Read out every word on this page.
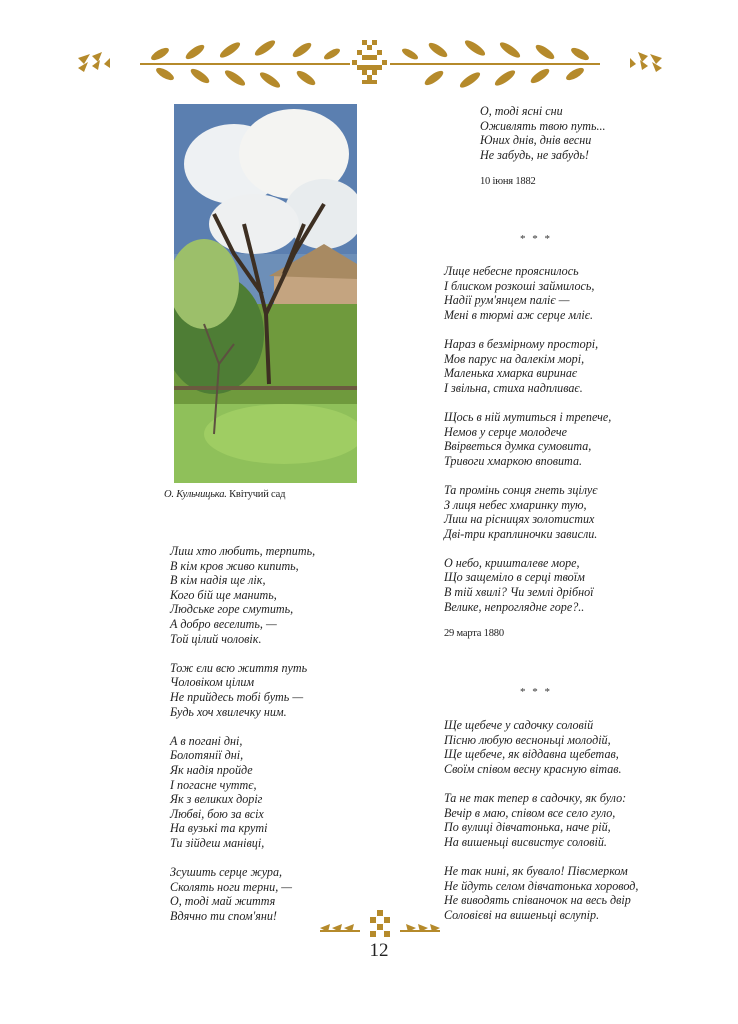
О. Кульчицька. Квітучий сад
О, тоді ясні сни
Оживлять твою путь...
Юних днів, днів весни
Не забудь, не забудь!
10 іюня 1882
* * *
Лице небесне прояснилось
І блиском розкоші займилось,
Надії рум'янцем паліє —
Мені в тюрмі аж серце мліє.
Нараз в безмірному просторі,
Мов парус на далекім морі,
Маленька хмарка виринає
І звільна, стиха надпливає.
Щось в ній мутиться і трепече,
Немов у серце молодече
Ввірветься думка сумовита,
Тривоги хмаркою вповита.
Та промінь сонця гнеть зцілує
З лиця небес хмаринку тую,
Лиш на рісницях золотистих
Дві-три краплиночки зависли.
О небо, кришталеве море,
Що защеміло в серці твоїм
В тій хвилі? Чи землі дрібної
Велике, непроглядне горе?..
29 марта 1880
* * *
Ще щебече у садочку соловій
Пісню любую весноньці молодій,
Ще щебече, як віддавна щебетав,
Своїм співом весну красную вітав.
Та не так тепер в садочку, як було:
Вечір в маю, співом все село гуло,
По вулиці дівчатонька, наче рій,
На вишеньці висвистує соловій.
Не так нині, як бувало! Півсмерком
Не йдуть селом дівчатонька хоровод,
Не виводять співаночок на весь двір
Соловієві на вишеньці вслупір.
Лиш хто любить, терпить,
В кім кров живо кипить,
В кім надія ще лік,
Кого бій ще манить,
Людське горе смутить,
А добро веселить, —
Той цілий чоловік.
Тож єли всю життя путь
Чоловіком цілим
Не прийдесь тобі буть —
Будь хоч хвилечку ним.
А в погані дні,
Болотянії дні,
Як надія пройде
І погасне чуттє,
Як з великих доріг
Любві, бою за всіх
На вузькі та круті
Ти зійдеш манівці,
Зсушить серце жура,
Сколять ноги терни, —
О, тоді май життя
Вдячно ти спом'яни!
12
